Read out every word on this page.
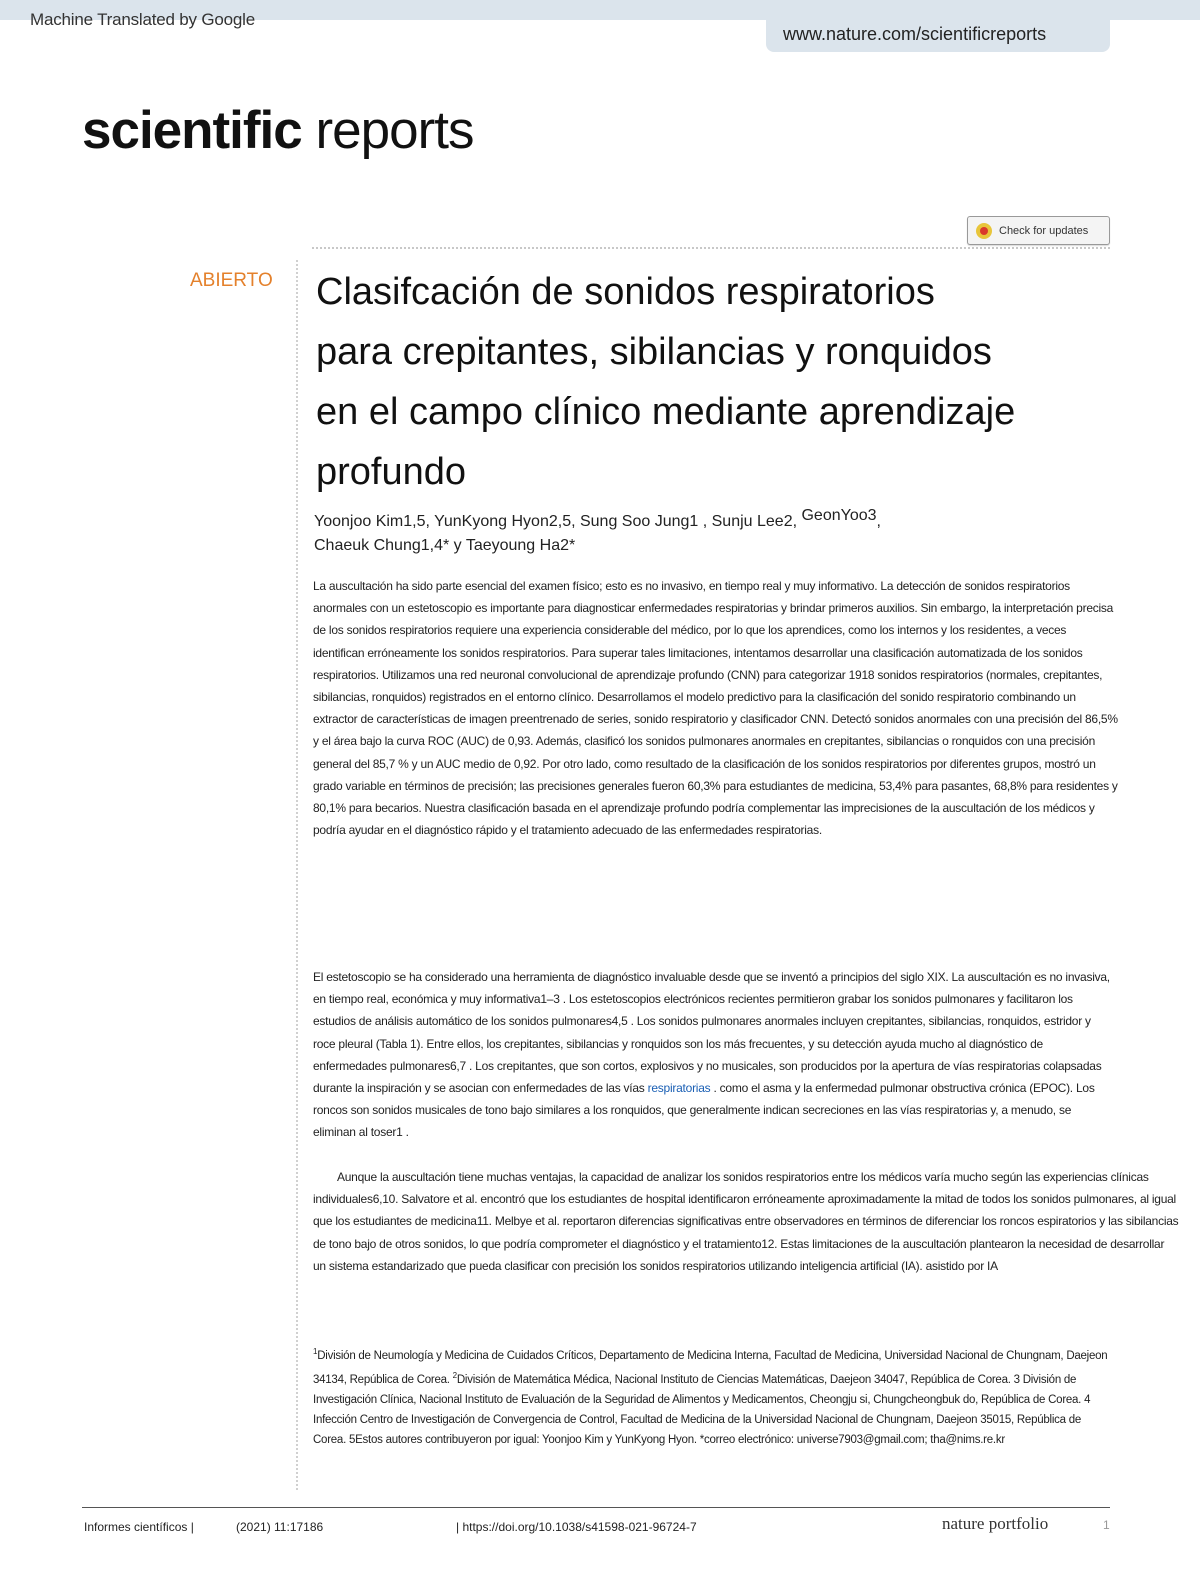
Machine Translated by Google
www.nature.com/scientificreports
scientific reports
Check for updates
ABIERTO Clasifcación de sonidos respiratorios
para crepitantes, sibilancias y ronquidos
en el campo clínico mediante aprendizaje
profundo
Yoonjoo Kim1,5, YunKyong Hyon2,5, Sung Soo Jung1 , Sunju Lee2, GeonYoo3,
Chaeuk Chung1,4* y Taeyoung Ha2*

La auscultación ha sido parte esencial del examen físico; esto es no invasivo, en tiempo real y muy informativo. La detección de sonidos respiratorios anormales con un estetoscopio es importante para diagnosticar enfermedades respiratorias y brindar primeros auxilios. Sin embargo, la interpretación precisa de los sonidos respiratorios requiere una experiencia considerable del médico, por lo que los aprendices, como los internos y los residentes, a veces identifican erróneamente los sonidos respiratorios. Para superar tales limitaciones, intentamos desarrollar una clasificación automatizada de los sonidos respiratorios. Utilizamos una red neuronal convolucional de aprendizaje profundo (CNN) para categorizar 1918 sonidos respiratorios (normales, crepitantes, sibilancias, ronquidos) registrados en el entorno clínico. Desarrollamos el modelo predictivo para la clasificación del sonido respiratorio combinando un extractor de características de imagen preentrenado de series, sonido respiratorio y clasificador CNN. Detectó sonidos anormales con una precisión del 86,5% y el área bajo la curva ROC (AUC) de 0,93. Además, clasificó los sonidos pulmonares anormales en crepitantes, sibilancias o ronquidos con una precisión general del 85,7 % y un AUC medio de 0,92. Por otro lado, como resultado de la clasificación de los sonidos respiratorios por diferentes grupos, mostró un grado variable en términos de precisión; las precisiones generales fueron 60,3% para estudiantes de medicina, 53,4% para pasantes, 68,8% para residentes y 80,1% para becarios. Nuestra clasificación basada en el aprendizaje profundo podría complementar las imprecisiones de la auscultación de los médicos y podría ayudar en el diagnóstico rápido y el tratamiento adecuado de las enfermedades respiratorias.

El estetoscopio se ha considerado una herramienta de diagnóstico invaluable desde que se inventó a principios del siglo XIX. La auscultación es no invasiva, en tiempo real, económica y muy informativa1–3 . Los estetoscopios electrónicos recientes permitieron grabar los sonidos pulmonares y facilitaron los estudios de análisis automático de los sonidos pulmonares4,5 . Los sonidos pulmonares anormales incluyen crepitantes, sibilancias, ronquidos, estridor y roce pleural (Tabla 1). Entre ellos, los crepitantes, sibilancias y ronquidos son los más frecuentes, y su detección ayuda mucho al diagnóstico de enfermedades pulmonares6,7 . Los crepitantes, que son cortos, explosivos y no musicales, son producidos por la apertura de vías respiratorias colapsadas durante la inspiración y se asocian con enfermedades de las vías respiratorias . como el asma y la enfermedad pulmonar obstructiva crónica (EPOC). Los roncos son sonidos musicales de tono bajo similares a los ronquidos, que generalmente indican secreciones en las vías respiratorias y, a menudo, se eliminan al toser1 .

Aunque la auscultación tiene muchas ventajas, la capacidad de analizar los sonidos respiratorios entre los médicos varía mucho según las experiencias clínicas individuales6,10. Salvatore et al. encontró que los estudiantes de hospital identificaron erróneamente aproximadamente la mitad de todos los sonidos pulmonares, al igual que los estudiantes de medicina11. Melbye et al. reportaron diferencias significativas entre observadores en términos de diferenciar los roncos espiratorios y las sibilancias de tono bajo de otros sonidos, lo que podría comprometer el diagnóstico y el tratamiento12. Estas limitaciones de la auscultación plantearon la necesidad de desarrollar un sistema estandarizado que pueda clasificar con precisión los sonidos respiratorios utilizando inteligencia artificial (IA). asistido por IA

$^1$División de Neumología y Medicina de Cuidados Críticos, Departamento de Medicina Interna, Facultad de Medicina, Universidad Nacional de Chungnam, Daejeon 34134, República de Corea. $^2$División de Matemática Médica, Nacional Instituto de Ciencias Matemáticas, Daejeon 34047, República de Corea. 3 División de Investigación Clínica, Nacional Instituto de Evaluación de la Seguridad de Alimentos y Medicamentos, Cheongju si, Chungcheongbuk do, República de Corea. 4 Infección Centro de Investigación de Convergencia de Control, Facultad de Medicina de la Universidad Nacional de Chungnam, Daejeon 35015, República de Corea. 5Estos autores contribuyeron por igual: Yoonjoo Kim y YunKyong Hyon. *correo electrónico: universe7903@gmail.com; tha@nims.re.kr
Informes científicos |	(2021) 11:17186	| https://doi.org/10.1038/s41598-021-96724-7	nature portfolio	1
